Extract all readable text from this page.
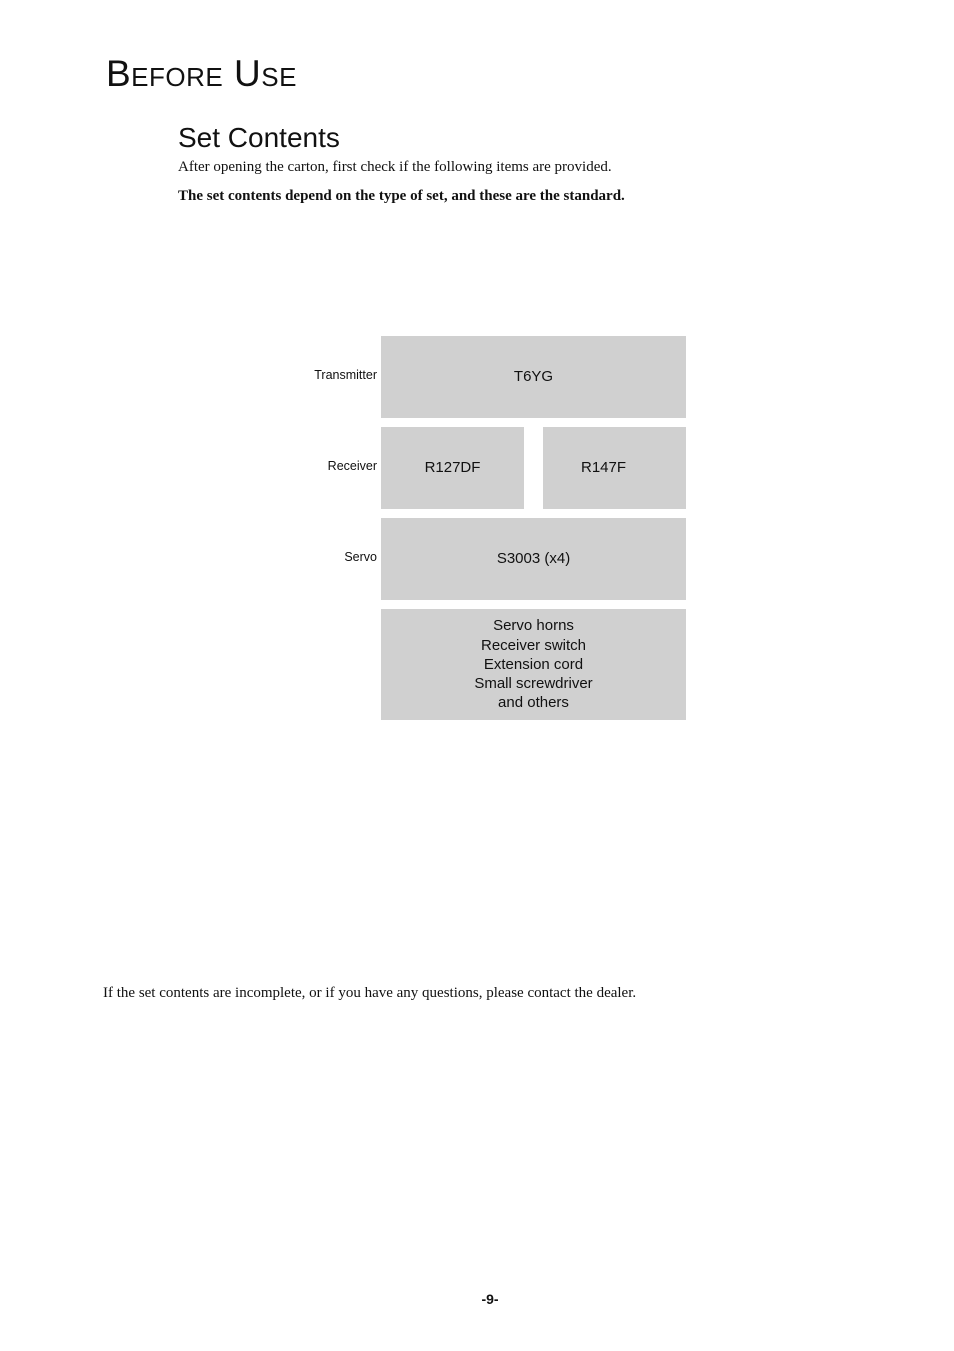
Before Use
Set Contents

After opening the carton, first check if the following items are provided.

The set contents depend on the type of set, and these are the standard.

Transmitter
Receiver
Servo
T6YG
R127DF	R147F
S3003 (x4)
Servo horns
Receiver switch
Extension cord
Small screwdriver
and others

If the set contents are incomplete, or if you have any questions, please contact the dealer.

-9-
